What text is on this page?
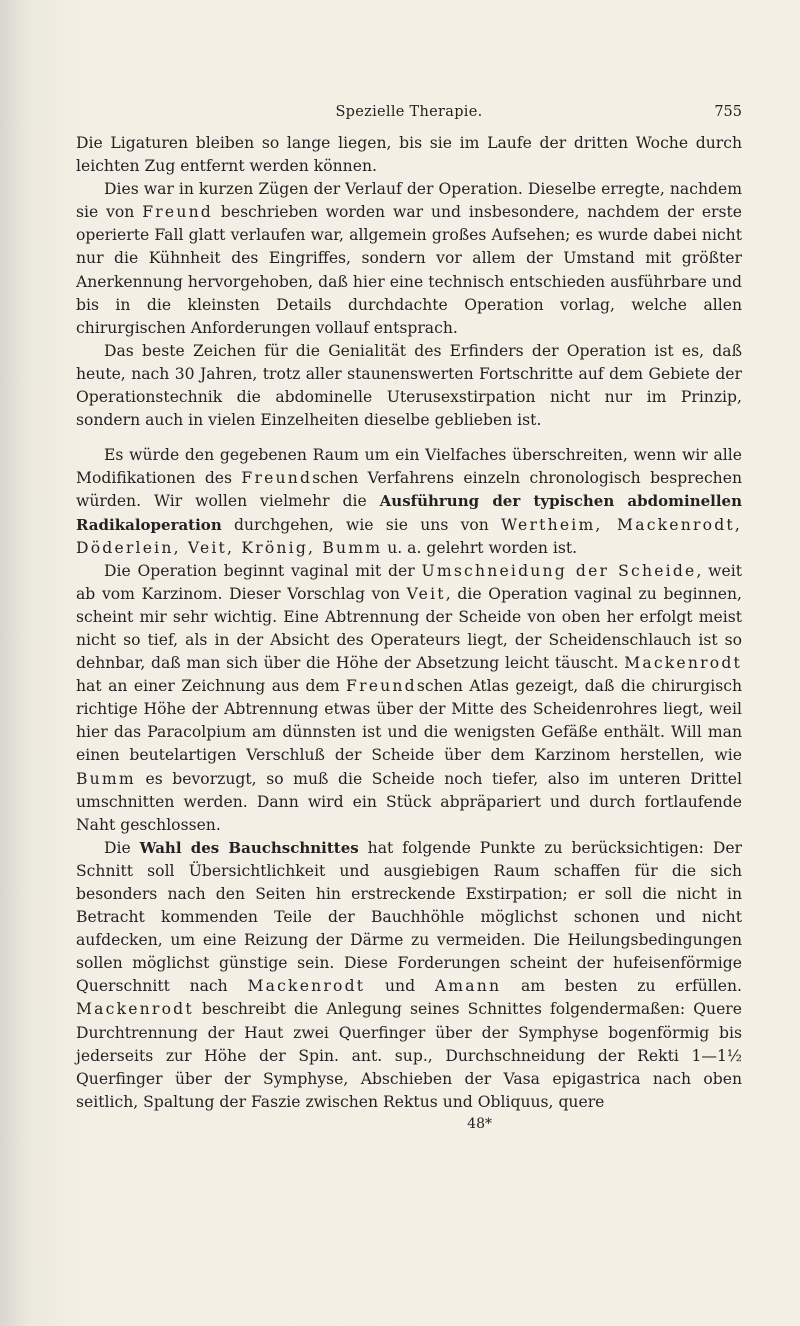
Spezielle Therapie.	755

Die Ligaturen bleiben so lange liegen, bis sie im Laufe der dritten Woche durch leichten Zug entfernt werden können.

Dies war in kurzen Zügen der Verlauf der Operation. Dieselbe erregte, nachdem sie von Freund beschrieben worden war und insbesondere, nachdem der erste operierte Fall glatt verlaufen war, allgemein großes Aufsehen; es wurde dabei nicht nur die Kühnheit des Eingriffes, sondern vor allem der Umstand mit größter Anerkennung hervorgehoben, daß hier eine technisch entschieden ausführbare und bis in die kleinsten Details durchdachte Operation vorlag, welche allen chirurgischen Anforderungen vollauf entsprach.

Das beste Zeichen für die Genialität des Erfinders der Operation ist es, daß heute, nach 30 Jahren, trotz aller staunenswerten Fortschritte auf dem Gebiete der Operationstechnik die abdominelle Uterusexstirpation nicht nur im Prinzip, sondern auch in vielen Einzelheiten dieselbe geblieben ist.

Es würde den gegebenen Raum um ein Vielfaches überschreiten, wenn wir alle Modifikationen des Freundschen Verfahrens einzeln chronologisch besprechen würden. Wir wollen vielmehr die Ausführung der typischen abdominellen Radikaloperation durchgehen, wie sie uns von Wertheim, Mackenrodt, Döderlein, Veit, Krönig, Bumm u. a. gelehrt worden ist.

Die Operation beginnt vaginal mit der Umschneidung der Scheide, weit ab vom Karzinom. Dieser Vorschlag von Veit, die Operation vaginal zu beginnen, scheint mir sehr wichtig. Eine Abtrennung der Scheide von oben her erfolgt meist nicht so tief, als in der Absicht des Operateurs liegt, der Scheidenschlauch ist so dehnbar, daß man sich über die Höhe der Absetzung leicht täuscht. Mackenrodt hat an einer Zeichnung aus dem Freundschen Atlas gezeigt, daß die chirurgisch richtige Höhe der Abtrennung etwas über der Mitte des Scheidenrohres liegt, weil hier das Paracolpium am dünnsten ist und die wenigsten Gefäße enthält. Will man einen beutelartigen Verschluß der Scheide über dem Karzinom herstellen, wie Bumm es bevorzugt, so muß die Scheide noch tiefer, also im unteren Drittel umschnitten werden. Dann wird ein Stück abpräpariert und durch fortlaufende Naht geschlossen.

Die Wahl des Bauchschnittes hat folgende Punkte zu berücksichtigen: Der Schnitt soll Übersichtlichkeit und ausgiebigen Raum schaffen für die sich besonders nach den Seiten hin erstreckende Exstirpation; er soll die nicht in Betracht kommenden Teile der Bauchhöhle möglichst schonen und nicht aufdecken, um eine Reizung der Därme zu vermeiden. Die Heilungsbedingungen sollen möglichst günstige sein. Diese Forderungen scheint der hufeisenförmige Querschnitt nach Mackenrodt und Amann am besten zu erfüllen. Mackenrodt beschreibt die Anlegung seines Schnittes folgendermaßen: Quere Durchtrennung der Haut zwei Querfinger über der Symphyse bogenförmig bis jederseits zur Höhe der Spin. ant. sup., Durchschneidung der Rekti 1—1½ Querfinger über der Symphyse, Abschieben der Vasa epigastrica nach oben seitlich, Spaltung der Faszie zwischen Rektus und Obliquus, quere

48*
